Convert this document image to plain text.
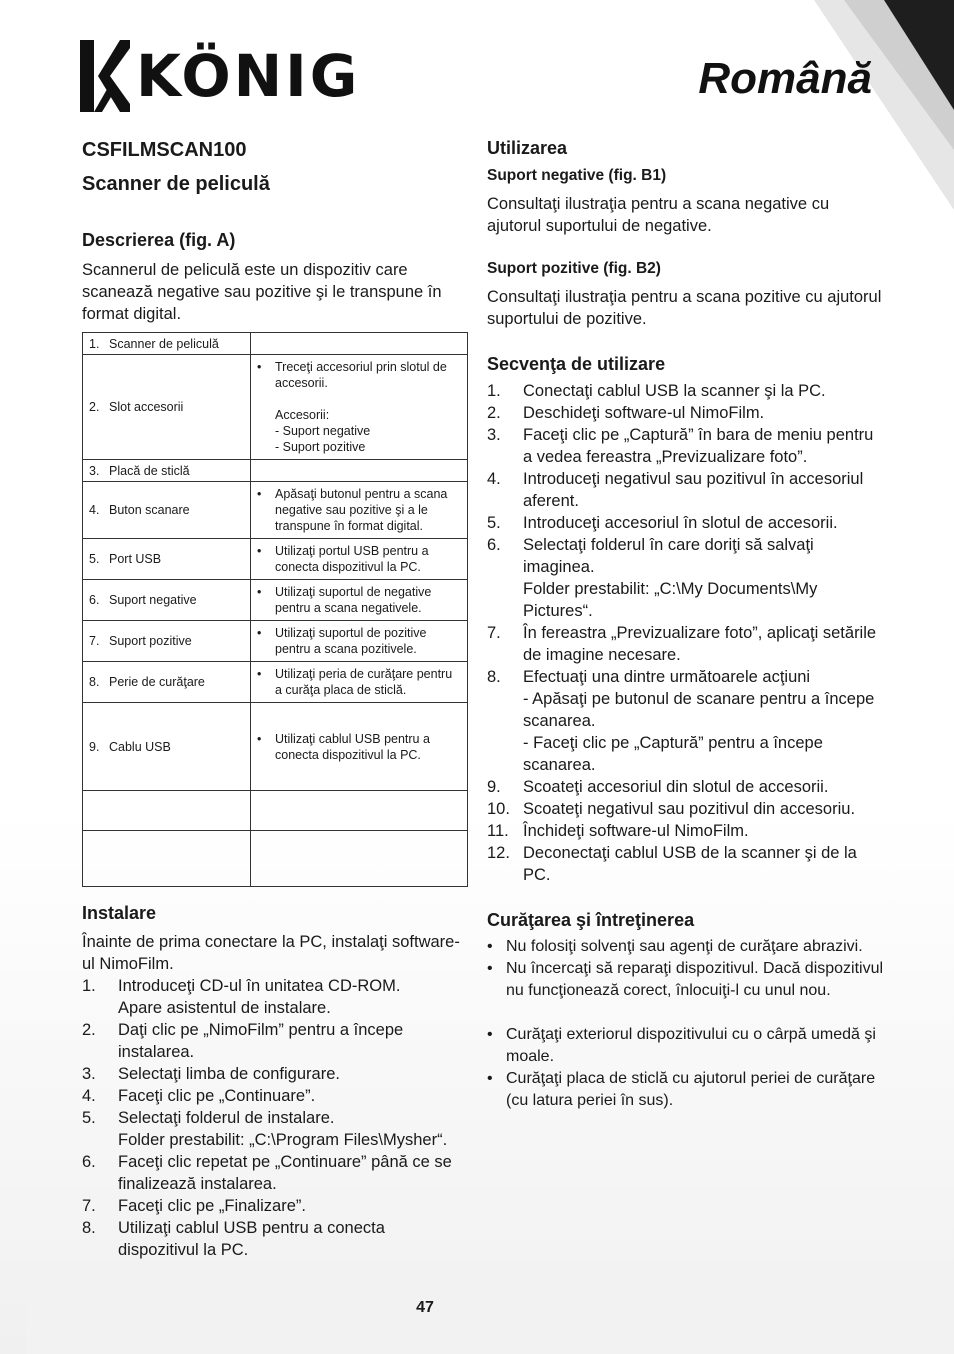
KÖNIG	Română
CSFILMSCAN100
Scanner de peliculă
Descrierea (fig. A)
Scannerul de peliculă este un dispozitiv care scanează negative sau pozitive şi le transpune în format digital.
1. Scanner de peliculă	
2. Slot accesorii	• Treceţi accesoriul prin slotul de accesorii.

Accesorii:
- Suport negative
- Suport pozitive

3. Placă de sticlă	
4. Buton scanare	• Apăsaţi butonul pentru a scana negative sau pozitive şi a le transpune în format digital.

5. Port USB	• Utilizaţi portul USB pentru a conecta dispozitivul la PC.

6. Suport negative	• Utilizaţi suportul de negative pentru a scana negativele.

7. Suport pozitive	• Utilizaţi suportul de pozitive pentru a scana pozitivele.

8. Perie de curăţare	• Utilizaţi peria de curăţare pentru a curăţa placa de sticlă.

9. Cablu USB	• Utilizaţi cablul USB pentru a conecta dispozitivul la PC.

Instalare
Înainte de prima conectare la PC, instalaţi software-ul NimoFilm.
1.	Introduceţi CD-ul în unitatea CD-ROM.
Apare asistentul de instalare.
2.	Daţi clic pe „NimoFilm” pentru a începe instalarea.
3.	Selectaţi limba de configurare.
4.	Faceţi clic pe „Continuare”.
5.	Selectaţi folderul de instalare.
Folder prestabilit: „C:\Program Files\Mysher“.
6.	Faceţi clic repetat pe „Continuare” până ce se finalizează instalarea.
7.	Faceţi clic pe „Finalizare”.
8.	Utilizaţi cablul USB pentru a conecta dispozitivul la PC.
Utilizarea
Suport negative (fig. B1)
Consultaţi ilustraţia pentru a scana negative cu ajutorul suportului de negative.
Suport pozitive (fig. B2)
Consultaţi ilustraţia pentru a scana pozitive cu ajutorul suportului de pozitive.
Secvenţa de utilizare
1.	Conectaţi cablul USB la scanner şi la PC.
2.	Deschideţi software-ul NimoFilm.
3.	Faceţi clic pe „Captură” în bara de meniu pentru a vedea fereastra „Previzualizare foto”.
4.	Introduceţi negativul sau pozitivul în accesoriul aferent.
5.	Introduceţi accesoriul în slotul de accesorii.
6.	Selectaţi folderul în care doriţi să salvaţi imaginea.
Folder prestabilit: „C:\My Documents\My Pictures“.
7.	În fereastra „Previzualizare foto”, aplicaţi setările de imagine necesare.
8.	Efectuaţi una dintre următoarele acţiuni
- Apăsaţi pe butonul de scanare pentru a începe scanarea.
- Faceţi clic pe „Captură” pentru a începe scanarea.
9.	Scoateţi accesoriul din slotul de accesorii.
10. Scoateţi negativul sau pozitivul din accesoriu.
11. Închideţi software-ul NimoFilm.
12. Deconectaţi cablul USB de la scanner şi de la PC.
Curăţarea şi întreţinerea
• Nu folosiţi solvenţi sau agenţi de curăţare abrazivi.
• Nu încercaţi să reparaţi dispozitivul. Dacă dispozitivul nu funcţionează corect, înlocuiţi-l cu unul nou.
• Curăţaţi exteriorul dispozitivului cu o cârpă umedă şi moale.
• Curăţaţi placa de sticlă cu ajutorul periei de curăţare (cu latura periei în sus).
47
